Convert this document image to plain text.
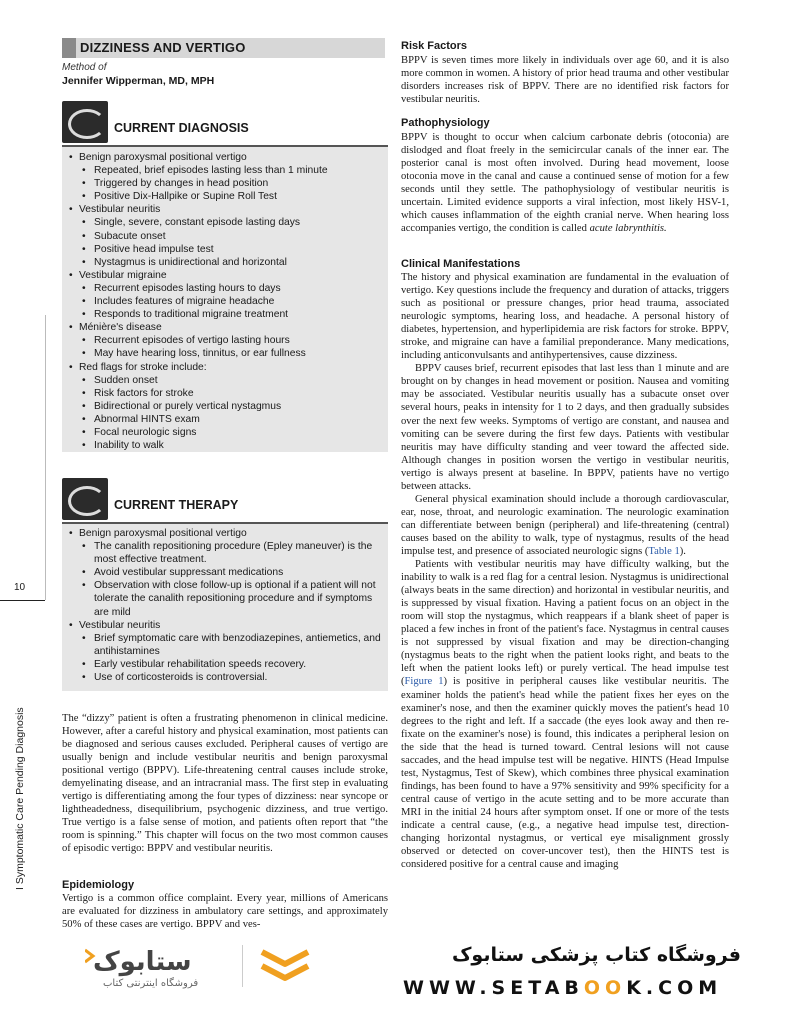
10
I Symptomatic Care Pending Diagnosis
DIZZINESS AND VERTIGO
Method of
Jennifer Wipperman, MD, MPH
CURRENT DIAGNOSIS
• Benign paroxysmal positional vertigo
• Repeated, brief episodes lasting less than 1 minute
• Triggered by changes in head position
• Positive Dix-Hallpike or Supine Roll Test
• Vestibular neuritis
• Single, severe, constant episode lasting days
• Subacute onset
• Positive head impulse test
• Nystagmus is unidirectional and horizontal
• Vestibular migraine
• Recurrent episodes lasting hours to days
• Includes features of migraine headache
• Responds to traditional migraine treatment
• Ménière's disease
• Recurrent episodes of vertigo lasting hours
• May have hearing loss, tinnitus, or ear fullness
• Red flags for stroke include:
• Sudden onset
• Risk factors for stroke
• Bidirectional or purely vertical nystagmus
• Abnormal HINTS exam
• Focal neurologic signs
• Inability to walk
CURRENT THERAPY
• Benign paroxysmal positional vertigo
• The canalith repositioning procedure (Epley maneuver) is the most effective treatment.
• Avoid vestibular suppressant medications
• Observation with close follow-up is optional if a patient will not tolerate the canalith repositioning procedure and if symptoms are mild
• Vestibular neuritis
• Brief symptomatic care with benzodiazepines, antiemetics, and antihistamines
• Early vestibular rehabilitation speeds recovery.
• Use of corticosteroids is controversial.

The “dizzy” patient is often a frustrating phenomenon in clinical medicine. However, after a careful history and physical examination, most patients can be diagnosed and serious causes excluded. Peripheral causes of vertigo are usually benign and include vestibular neuritis and benign paroxysmal positional vertigo (BPPV). Life-threatening central causes include stroke, demyelinating disease, and an intracranial mass. The first step in evaluating vertigo is differentiating among the four types of dizziness: near syncope or lightheadedness, disequilibrium, psychogenic dizziness, and true vertigo. True vertigo is a false sense of motion, and patients often report that “the room is spinning.” This chapter will focus on the two most common causes of episodic vertigo: BPPV and vestibular neuritis.

Epidemiology

Vertigo is a common office complaint. Every year, millions of Americans are evaluated for dizziness in ambulatory care settings, and approximately 50% of these cases are vertigo. BPPV and ves-

Risk Factors

BPPV is seven times more likely in individuals over age 60, and it is also more common in women. A history of prior head trauma and other vestibular disorders increases risk of BPPV. There are no identified risk factors for vestibular neuritis.

Pathophysiology

BPPV is thought to occur when calcium carbonate debris (otoconia) are dislodged and float freely in the semicircular canals of the inner ear. The posterior canal is most often involved. During head movement, loose otoconia move in the canal and cause a continued sense of motion for a few seconds until they settle. The pathophysiology of vestibular neuritis is uncertain. Limited evidence supports a viral infection, most likely HSV-1, which causes inflammation of the eighth cranial nerve. When hearing loss accompanies vertigo, the condition is called acute labrynthitis.

Clinical Manifestations

The history and physical examination are fundamental in the evaluation of vertigo. Key questions include the frequency and duration of attacks, triggers such as positional or pressure changes, prior head trauma, associated neurologic symptoms, hearing loss, and headache. A personal history of diabetes, hypertension, and hyperlipidemia are risk factors for stroke. BPPV, stroke, and migraine can have a familial preponderance. Many medications, including anticonvulsants and antihypertensives, cause dizziness.

BPPV causes brief, recurrent episodes that last less than 1 minute and are brought on by changes in head movement or position. Nausea and vomiting may be associated. Vestibular neuritis usually has a subacute onset over several hours, peaks in intensity for 1 to 2 days, and then gradually subsides over the next few weeks. Symptoms of vertigo are constant, and nausea and vomiting can be severe during the first few days. Patients with vestibular neuritis may have difficulty standing and veer toward the affected side. Although changes in position worsen the vertigo in vestibular neuritis, vertigo is always present at baseline. In BPPV, patients have no vertigo between attacks.

General physical examination should include a thorough cardiovascular, ear, nose, throat, and neurologic examination. The neurologic examination can differentiate between benign (peripheral) and life-threatening (central) causes based on the ability to walk, type of nystagmus, results of the head impulse test, and presence of associated neurologic signs (Table 1).

Patients with vestibular neuritis may have difficulty walking, but the inability to walk is a red flag for a central lesion. Nystagmus is unidirectional (always beats in the same direction) and horizontal in vestibular neuritis, and is suppressed by visual fixation. Having a patient focus on an object in the room will stop the nystagmus, which reappears if a blank sheet of paper is placed a few inches in front of the patient's face. Nystagmus in central causes is not suppressed by visual fixation and may be direction-changing (nystagmus beats to the right when the patient looks right, and beats to the left when the patient looks left) or purely vertical. The head impulse test (Figure 1) is positive in peripheral causes like vestibular neuritis. The examiner holds the patient's head while the patient fixes her eyes on the examiner's nose, and then the examiner quickly moves the patient's head 10 degrees to the right and left. If a saccade (the eyes look away and then re-fixate on the examiner's nose) is found, this indicates a peripheral lesion on the side that the head is turned toward. Central lesions will not cause saccades, and the head impulse test will be negative. HINTS (Head Impulse test, Nystagmus, Test of Skew), which combines three physical examination findings, has been found to have a 97% sensitivity and 99% specificity for a central cause of vertigo in the acute setting and to be more accurate than MRI in the initial 24 hours after symptom onset. If one or more of the tests indicate a central cause, (e.g., a negative head impulse test, direction-changing horizontal nystagmus, or vertical eye misalignment grossly observed or detected on cover-uncover test), then the HINTS test is considered positive for a central cause and imaging

ستابوک
فروشگاه اینترنتی کتاب
فروشگاه کتاب پزشکی ستابوک
WWW.SETABOOK.COM
